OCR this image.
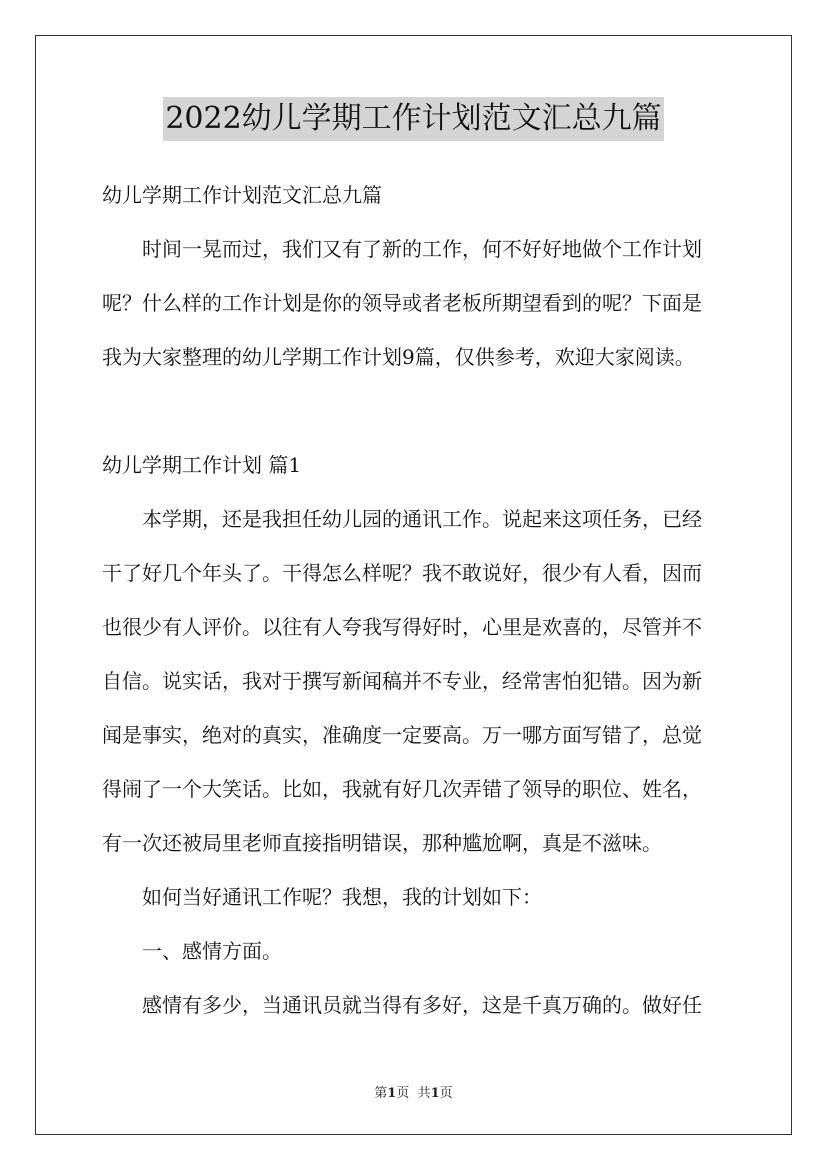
2022幼儿学期工作计划范文汇总九篇
幼儿学期工作计划范文汇总九篇
　　时间一晃而过，我们又有了新的工作，何不好好地做个工作计划
呢？什么样的工作计划是你的领导或者老板所期望看到的呢？下面是
我为大家整理的幼儿学期工作计划9篇，仅供参考，欢迎大家阅读。
幼儿学期工作计划 篇1
　　本学期，还是我担任幼儿园的通讯工作。说起来这项任务，已经
干了好几个年头了。干得怎么样呢？我不敢说好，很少有人看，因而
也很少有人评价。以往有人夸我写得好时，心里是欢喜的，尽管并不
自信。说实话，我对于撰写新闻稿并不专业，经常害怕犯错。因为新
闻是事实，绝对的真实，准确度一定要高。万一哪方面写错了，总觉
得闹了一个大笑话。比如，我就有好几次弄错了领导的职位、姓名，
有一次还被局里老师直接指明错误，那种尴尬啊，真是不滋味。
　　如何当好通讯工作呢？我想，我的计划如下：
　　一、感情方面。
　　感情有多少，当通讯员就当得有多好，这是千真万确的。做好任
第1页 共1页
